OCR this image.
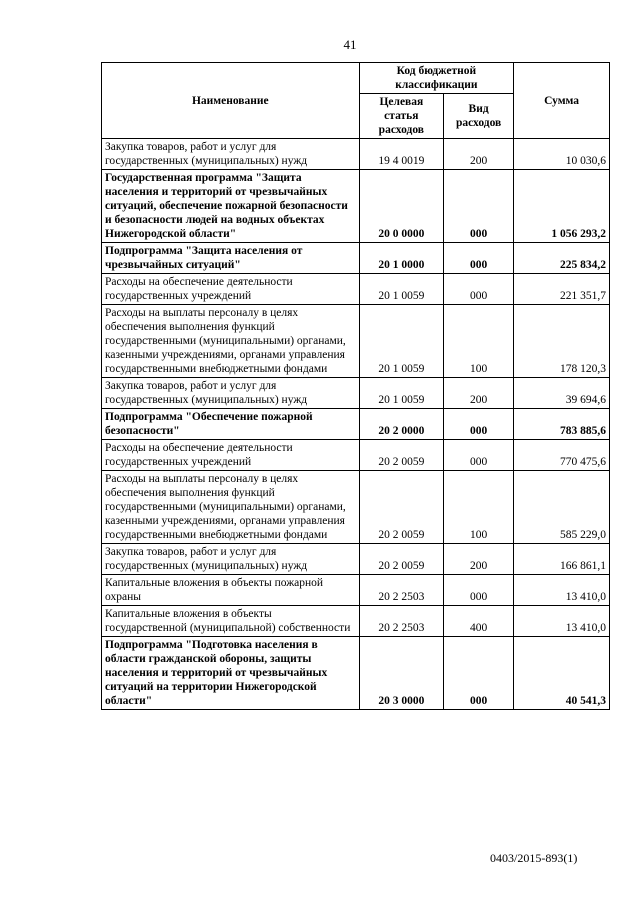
41
Наименование	Код бюджетной классификации		Сумма
	Целевая статья расходов	Вид расходов	
Закупка товаров, работ и услуг для государственных (муниципальных) нужд	19 4 0019	200	10 030,6
Государственная программа "Защита населения и территорий от чрезвычайных ситуаций, обеспечение пожарной безопасности и безопасности людей на водных объектах Нижегородской области"	20 0 0000	000	1 056 293,2
Подпрограмма "Защита населения от чрезвычайных ситуаций"	20 1 0000	000	225 834,2
Расходы на обеспечение деятельности государственных учреждений	20 1 0059	000	221 351,7
Расходы на выплаты персоналу в целях обеспечения выполнения функций государственными (муниципальными) органами, казенными учреждениями, органами управления государственными внебюджетными фондами	20 1 0059	100	178 120,3
Закупка товаров, работ и услуг для государственных (муниципальных) нужд	20 1 0059	200	39 694,6
Подпрограмма "Обеспечение пожарной безопасности"	20 2 0000	000	783 885,6
Расходы на обеспечение деятельности государственных учреждений	20 2 0059	000	770 475,6
Расходы на выплаты персоналу в целях обеспечения выполнения функций государственными (муниципальными) органами, казенными учреждениями, органами управления государственными внебюджетными фондами	20 2 0059	100	585 229,0
Закупка товаров, работ и услуг для государственных (муниципальных) нужд	20 2 0059	200	166 861,1
Капитальные вложения в объекты пожарной охраны	20 2 2503	000	13 410,0
Капитальные вложения в объекты государственной (муниципальной) собственности	20 2 2503	400	13 410,0
Подпрограмма "Подготовка населения в области гражданской обороны, защиты населения и территорий от чрезвычайных ситуаций на территории Нижегородской области"	20 3 0000	000	40 541,3
0403/2015-893(1)
